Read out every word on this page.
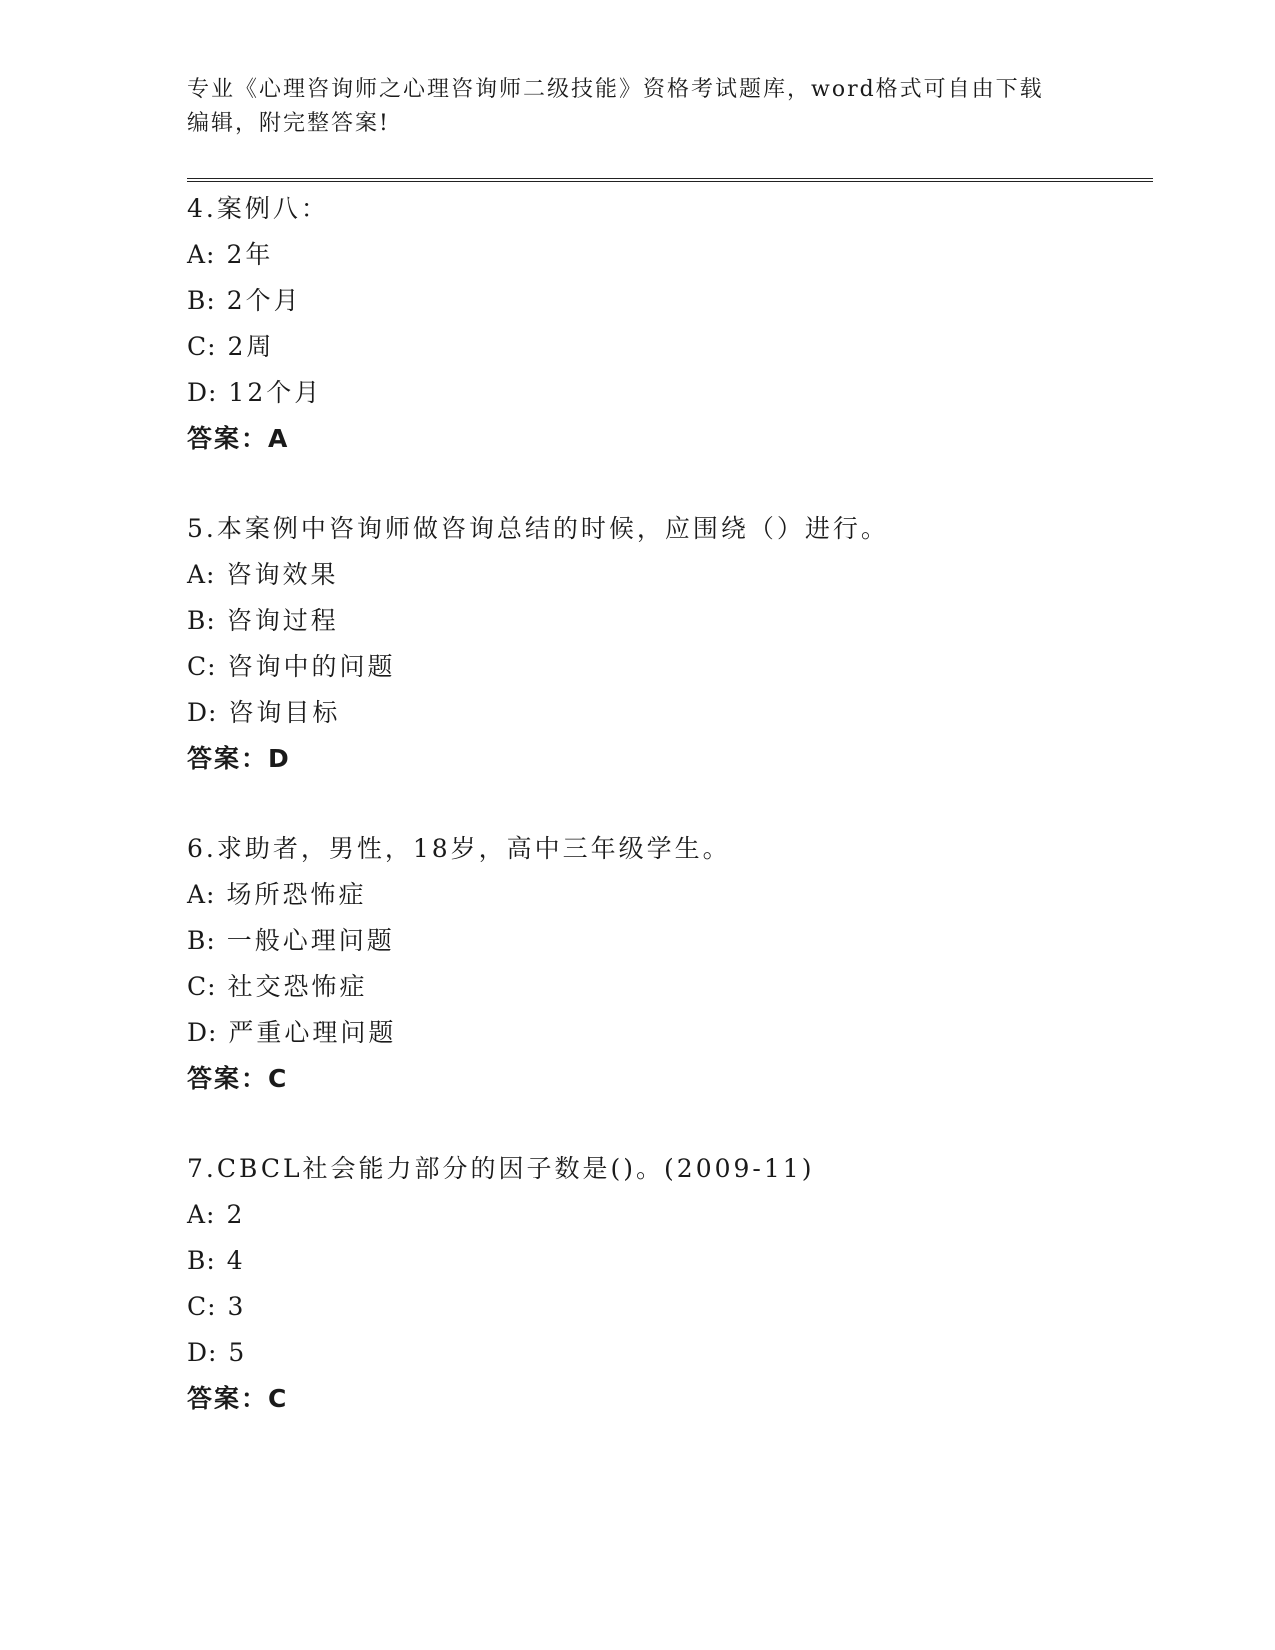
专业《心理咨询师之心理咨询师二级技能》资格考试题库，word格式可自由下载
编辑，附完整答案!
4.案例八：
A: 2年
B: 2个月
C: 2周
D: 12个月
答案：A
5.本案例中咨询师做咨询总结的时候，应围绕（）进行。
A: 咨询效果
B: 咨询过程
C: 咨询中的问题
D: 咨询目标
答案：D
6.求助者，男性，18岁，高中三年级学生。
A: 场所恐怖症
B: 一般心理问题
C: 社交恐怖症
D: 严重心理问题
答案：C
7.CBCL社会能力部分的因子数是()。(2009-11)
A: 2
B: 4
C: 3
D: 5
答案：C
